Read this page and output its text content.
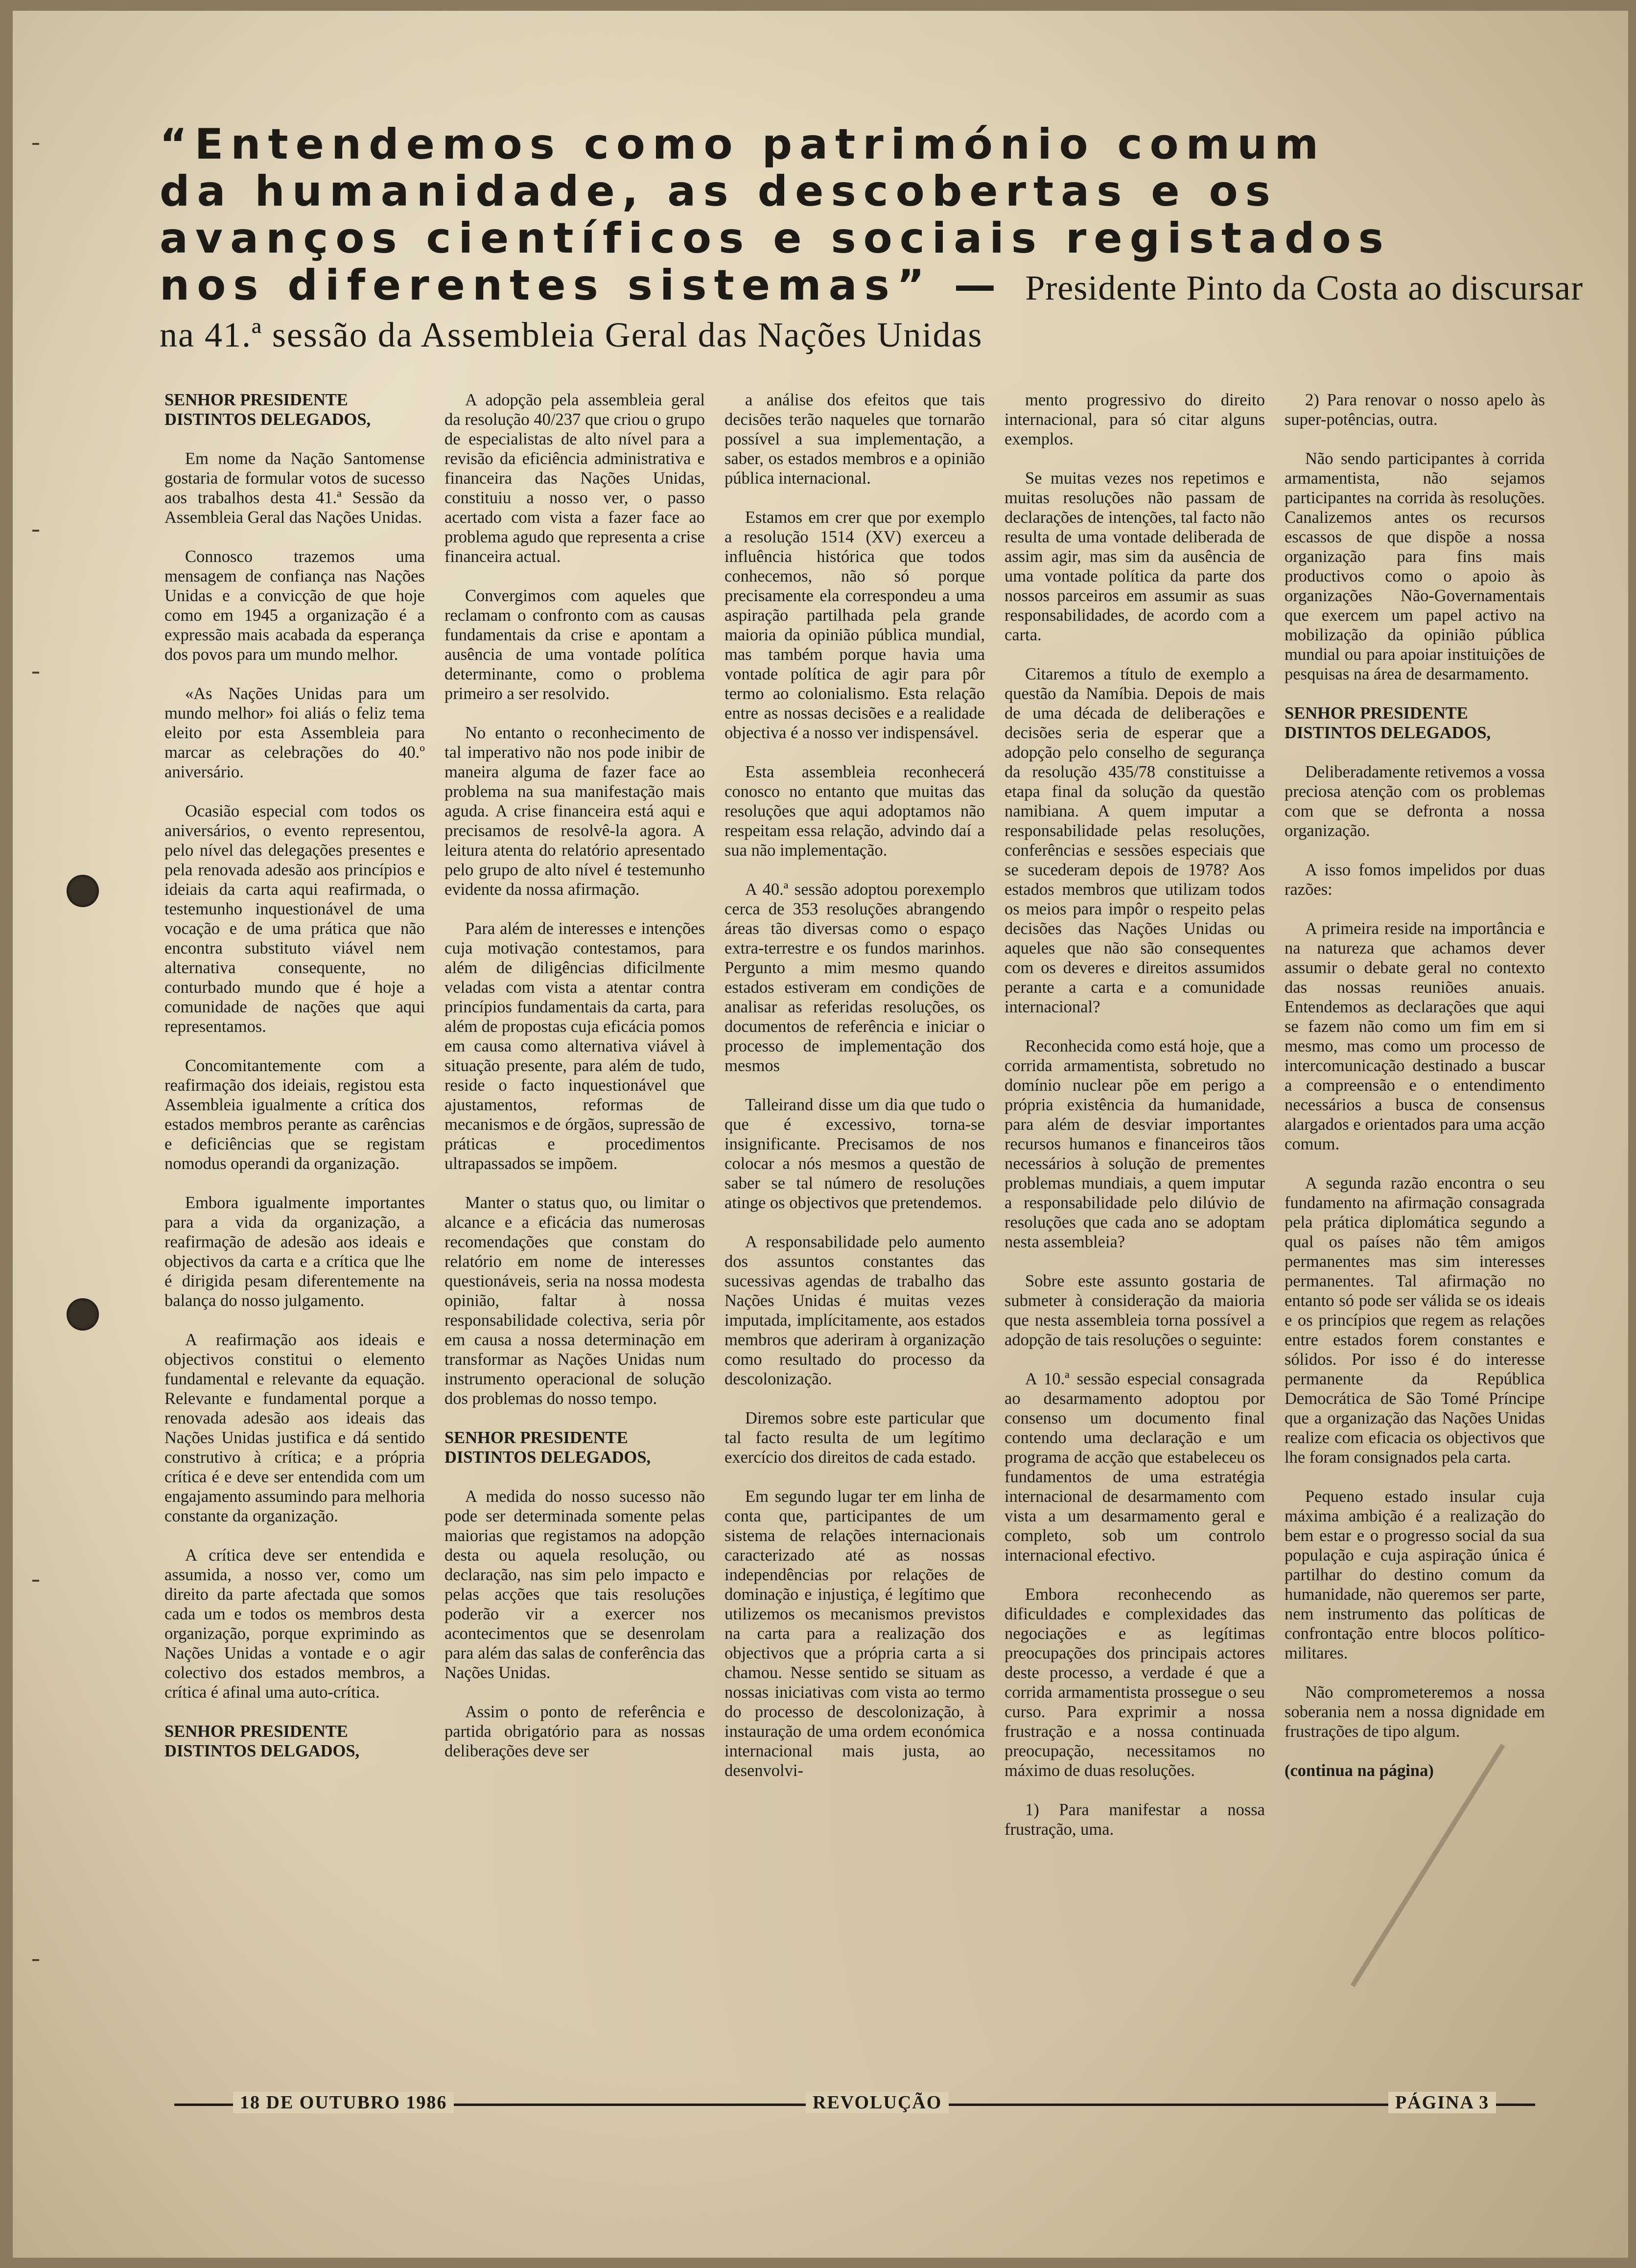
“Entendemos como património comum
da humanidade, as descobertas e os
avanços científicos e sociais registados
nos diferentes sistemas” — Presidente Pinto da Costa ao discursar
na 41.ª sessão da Assembleia Geral das Nações Unidas
SENHOR PRESIDENTE DISTINTOS DELEGADOS,

Em nome da Nação Santomense gostaria de formular votos de sucesso aos trabalhos desta 41.ª Sessão da Assembleia Geral das Nações Unidas.

Connosco trazemos uma mensagem de confiança nas Nações Unidas e a convicção de que hoje como em 1945 a organização é a expressão mais acabada da esperança dos povos para um mundo melhor.

«As Nações Unidas para um mundo melhor» foi aliás o feliz tema eleito por esta Assembleia para marcar as celebrações do 40.º aniversário.

Ocasião especial com todos os aniversários, o evento representou, pelo nível das delegações presentes e pela renovada adesão aos princípios e ideiais da carta aqui reafirmada, o testemunho inquestionável de uma vocação e de uma prática que não encontra substituto viável nem alternativa consequente, no conturbado mundo que é hoje a comunidade de nações que aqui representamos.

Concomitantemente com a reafirmação dos ideiais, registou esta Assembleia igualmente a crítica dos estados membros perante as carências e deficiências que se registam nomodus operandi da organização.

Embora igualmente importantes para a vida da organização, a reafirmação de adesão aos ideais e objectivos da carta e a crítica que lhe é dirigida pesam diferentemente na balança do nosso julgamento.

A reafirmação aos ideais e objectivos constitui o elemento fundamental e relevante da equação. Relevante e fundamental porque a renovada adesão aos ideais das Nações Unidas justifica e dá sentido construtivo à crítica; e a própria crítica é e deve ser entendida com um engajamento assumindo para melhoria constante da organização.

A crítica deve ser entendida e assumida, a nosso ver, como um direito da parte afectada que somos cada um e todos os membros desta organização, porque exprimindo as Nações Unidas a vontade e o agir colectivo dos estados membros, a crítica é afinal uma auto-crítica.

SENHOR PRESIDENTE DISTINTOS DELGADOS,

A adopção pela assembleia geral da resolução 40/237 que criou o grupo de especialistas de alto nível para a revisão da eficiência administrativa e financeira das Nações Unidas, constituiu a nosso ver, o passo acertado com vista a fazer face ao problema agudo que representa a crise financeira actual.

Convergimos com aqueles que reclamam o confronto com as causas fundamentais da crise e apontam a ausência de uma vontade política determinante, como o problema primeiro a ser resolvido.

No entanto o reconhecimento de tal imperativo não nos pode inibir de maneira alguma de fazer face ao problema na sua manifestação mais aguda. A crise financeira está aqui e precisamos de resolvê-la agora. A leitura atenta do relatório apresentado pelo grupo de alto nível é testemunho evidente da nossa afirmação.

Para além de interesses e intenções cuja motivação contestamos, para além de diligências dificilmente veladas com vista a atentar contra princípios fundamentais da carta, para além de propostas cuja eficácia pomos em causa como alternativa viável à situação presente, para além de tudo, reside o facto inquestionável que ajustamentos, reformas de mecanismos e de órgãos, supressão de práticas e procedimentos ultrapassados se impõem.

Manter o status quo, ou limitar o alcance e a eficácia das numerosas recomendações que constam do relatório em nome de interesses questionáveis, seria na nossa modesta opinião, faltar à nossa responsabilidade colectiva, seria pôr em causa a nossa determinação em transformar as Nações Unidas num instrumento operacional de solução dos problemas do nosso tempo.

SENHOR PRESIDENTE DISTINTOS DELEGADOS,

A medida do nosso sucesso não pode ser determinada somente pelas maiorias que registamos na adopção desta ou aquela resolução, ou declaração, nas sim pelo impacto e pelas acções que tais resoluções poderão vir a exercer nos acontecimentos que se desenrolam para além das salas de conferência das Nações Unidas.

Assim o ponto de referência e partida obrigatório para as nossas deliberações deve ser

a análise dos efeitos que tais decisões terão naqueles que tornarão possível a sua implementação, a saber, os estados membros e a opinião pública internacional.

Estamos em crer que por exemplo a resolução 1514 (XV) exerceu a influência histórica que todos conhecemos, não só porque precisamente ela correspondeu a uma aspiração partilhada pela grande maioria da opinião pública mundial, mas também porque havia uma vontade política de agir para pôr termo ao colonialismo. Esta relação entre as nossas decisões e a realidade objectiva é a nosso ver indispensável.

Esta assembleia reconhecerá conosco no entanto que muitas das resoluções que aqui adoptamos não respeitam essa relação, advindo daí a sua não implementação.

A 40.ª sessão adoptou porexemplo cerca de 353 resoluções abrangendo áreas tão diversas como o espaço extra-terrestre e os fundos marinhos. Pergunto a mim mesmo quando estados estiveram em condições de analisar as referidas resoluções, os documentos de referência e iniciar o processo de implementação dos mesmos

Talleirand disse um dia que tudo o que é excessivo, torna-se insignificante. Precisamos de nos colocar a nós mesmos a questão de saber se tal número de resoluções atinge os objectivos que pretendemos.

A responsabilidade pelo aumento dos assuntos constantes das sucessivas agendas de trabalho das Nações Unidas é muitas vezes imputada, implícitamente, aos estados membros que aderiram à organização como resultado do processo da descolonização.

Diremos sobre este particular que tal facto resulta de um legítimo exercício dos direitos de cada estado.

Em segundo lugar ter em linha de conta que, participantes de um sistema de relações internacionais caracterizado até as nossas independências por relações de dominação e injustiça, é legítimo que utilizemos os mecanismos previstos na carta para a realização dos objectivos que a própria carta a si chamou. Nesse sentido se situam as nossas iniciativas com vista ao termo do processo de descolonização, à instauração de uma ordem económica internacional mais justa, ao desenvolvi-

mento progressivo do direito internacional, para só citar alguns exemplos.

Se muitas vezes nos repetimos e muitas resoluções não passam de declarações de intenções, tal facto não resulta de uma vontade deliberada de assim agir, mas sim da ausência de uma vontade política da parte dos nossos parceiros em assumir as suas responsabilidades, de acordo com a carta.

Citaremos a título de exemplo a questão da Namíbia. Depois de mais de uma década de deliberações e decisões seria de esperar que a adopção pelo conselho de segurança da resolução 435/78 constituisse a etapa final da solução da questão namibiana. A quem imputar a responsabilidade pelas resoluções, conferências e sessões especiais que se sucederam depois de 1978? Aos estados membros que utilizam todos os meios para impôr o respeito pelas decisões das Nações Unidas ou aqueles que não são consequentes com os deveres e direitos assumidos perante a carta e a comunidade internacional?

Reconhecida como está hoje, que a corrida armamentista, sobretudo no domínio nuclear põe em perigo a própria existência da humanidade, para além de desviar importantes recursos humanos e financeiros tãos necessários à solução de prementes problemas mundiais, a quem imputar a responsabilidade pelo dilúvio de resoluções que cada ano se adoptam nesta assembleia?

Sobre este assunto gostaria de submeter à consideração da maioria que nesta assembleia torna possível a adopção de tais resoluções o seguinte:

A 10.ª sessão especial consagrada ao desarmamento adoptou por consenso um documento final contendo uma declaração e um programa de acção que estabeleceu os fundamentos de uma estratégia internacional de desarmamento com vista a um desarmamento geral e completo, sob um controlo internacional efectivo.

Embora reconhecendo as dificuldades e complexidades das negociações e as legítimas preocupações dos principais actores deste processo, a verdade é que a corrida armamentista prossegue o seu curso. Para exprimir a nossa frustração e a nossa continuada preocupação, necessitamos no máximo de duas resoluções.

1) Para manifestar a nossa frustração, uma.

2) Para renovar o nosso apelo às super-potências, outra.

Não sendo participantes à corrida armamentista, não sejamos participantes na corrida às resoluções. Canalizemos antes os recursos escassos de que dispõe a nossa organização para fins mais productivos como o apoio às organizações Não-Governamentais que exercem um papel activo na mobilização da opinião pública mundial ou para apoiar instituições de pesquisas na área de desarmamento.

SENHOR PRESIDENTE DISTINTOS DELEGADOS,

Deliberadamente retivemos a vossa preciosa atenção com os problemas com que se defronta a nossa organização.

A isso fomos impelidos por duas razões:

A primeira reside na importância e na natureza que achamos dever assumir o debate geral no contexto das nossas reuniões anuais. Entendemos as declarações que aqui se fazem não como um fim em si mesmo, mas como um processo de intercomunicação destinado a buscar a compreensão e o entendimento necessários a busca de consensus alargados e orientados para uma acção comum.

A segunda razão encontra o seu fundamento na afirmação consagrada pela prática diplomática segundo a qual os países não têm amigos permanentes mas sim interesses permanentes. Tal afirmação no entanto só pode ser válida se os ideais e os princípios que regem as relações entre estados forem constantes e sólidos. Por isso é do interesse permanente da República Democrática de São Tomé Príncipe que a organização das Nações Unidas realize com eficacia os objectivos que lhe foram consignados pela carta.

Pequeno estado insular cuja máxima ambição é a realização do bem estar e o progresso social da sua população e cuja aspiração única é partilhar do destino comum da humanidade, não queremos ser parte, nem instrumento das políticas de confrontação entre blocos político-militares.

Não comprometeremos a nossa soberania nem a nossa dignidade em frustrações de tipo algum.

(continua na página)
18 DE OUTUBRO 1986	REVOLUÇÃO	PÁGINA 3
